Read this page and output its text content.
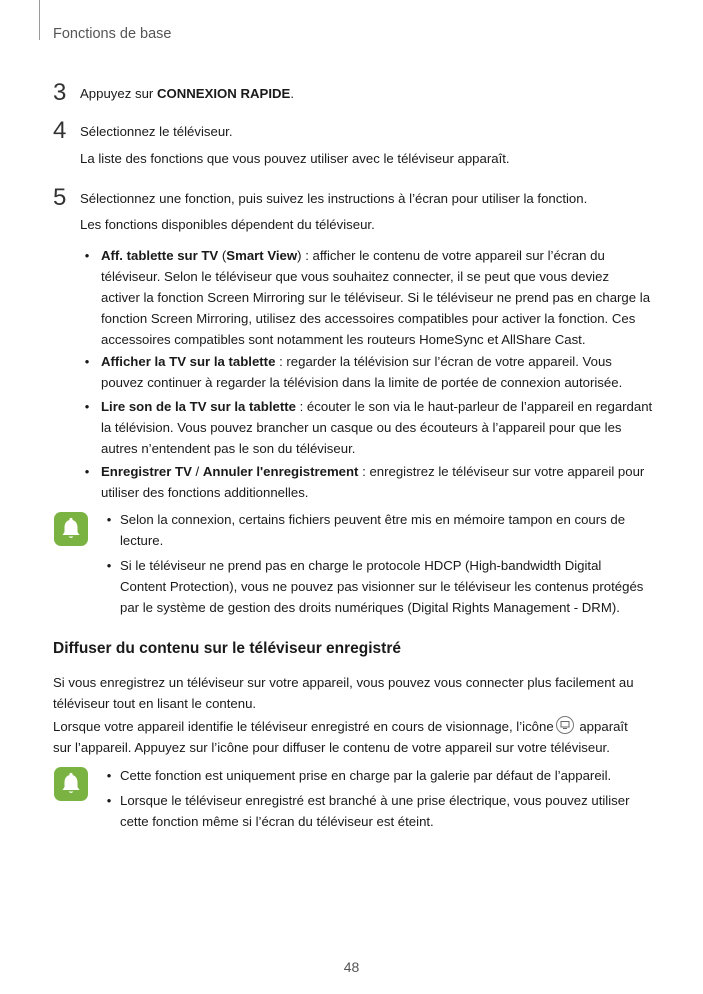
Fonctions de base
3 Appuyez sur CONNEXION RAPIDE.
4 Sélectionnez le téléviseur.
La liste des fonctions que vous pouvez utiliser avec le téléviseur apparaît.
5 Sélectionnez une fonction, puis suivez les instructions à l’écran pour utiliser la fonction.
Les fonctions disponibles dépendent du téléviseur.
• Aff. tablette sur TV (Smart View) : afficher le contenu de votre appareil sur l’écran du
téléviseur. Selon le téléviseur que vous souhaitez connecter, il se peut que vous deviez
activer la fonction Screen Mirroring sur le téléviseur. Si le téléviseur ne prend pas en charge la
fonction Screen Mirroring, utilisez des accessoires compatibles pour activer la fonction. Ces
accessoires compatibles sont notamment les routeurs HomeSync et AllShare Cast.
• Afficher la TV sur la tablette : regarder la télévision sur l’écran de votre appareil. Vous
pouvez continuer à regarder la télévision dans la limite de portée de connexion autorisée.
• Lire son de la TV sur la tablette : écouter le son via le haut-parleur de l’appareil en regardant
la télévision. Vous pouvez brancher un casque ou des écouteurs à l’appareil pour que les
autres n’entendent pas le son du téléviseur.
• Enregistrer TV / Annuler l'enregistrement : enregistrez le téléviseur sur votre appareil pour
utiliser des fonctions additionnelles.
• Selon la connexion, certains fichiers peuvent être mis en mémoire tampon en cours de
lecture.
• Si le téléviseur ne prend pas en charge le protocole HDCP (High-bandwidth Digital
Content Protection), vous ne pouvez pas visionner sur le téléviseur les contenus protégés
par le système de gestion des droits numériques (Digital Rights Management - DRM).
Diffuser du contenu sur le téléviseur enregistré
Si vous enregistrez un téléviseur sur votre appareil, vous pouvez vous connecter plus facilement au
téléviseur tout en lisant le contenu.
Lorsque votre appareil identifie le téléviseur enregistré en cours de visionnage, l’icône
apparaît
sur l’appareil. Appuyez sur l’icône pour diffuser le contenu de votre appareil sur votre téléviseur.
• Cette fonction est uniquement prise en charge par la galerie par défaut de l’appareil.
• Lorsque le téléviseur enregistré est branché à une prise électrique, vous pouvez utiliser
cette fonction même si l’écran du téléviseur est éteint.
48
